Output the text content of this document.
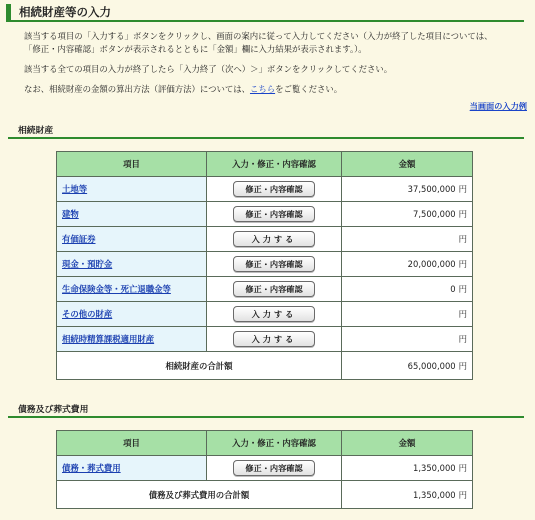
相続財産等の入力

該当する項目の「入力する」ボタンをクリックし、画面の案内に従って入力してください（入力が終了した項目については、

「修正・内容確認」ボタンが表示されるとともに「金額」欄に入力結果が表示されます。）。

該当する全ての項目の入力が終了したら「入力終了（次へ）＞」ボタンをクリックしてください。

なお、相続財産の金額の算出方法（評価方法）については、こちらをご覧ください。

当画面の入力例
相続財産
項目	入力・修正・内容確認	金額
土地等	修正・内容確認	37,500,000 円
建物	修正・内容確認	7,500,000 円
有価証券	入力する	円
現金・預貯金	修正・内容確認	20,000,000 円
生命保険金等・死亡退職金等	修正・内容確認	0 円
その他の財産	入力する	円
相続時精算課税適用財産	入力する	円
相続財産の合計額		65,000,000 円
債務及び葬式費用
項目	入力・修正・内容確認	金額
債務・葬式費用	修正・内容確認	1,350,000 円
債務及び葬式費用の合計額		1,350,000 円
